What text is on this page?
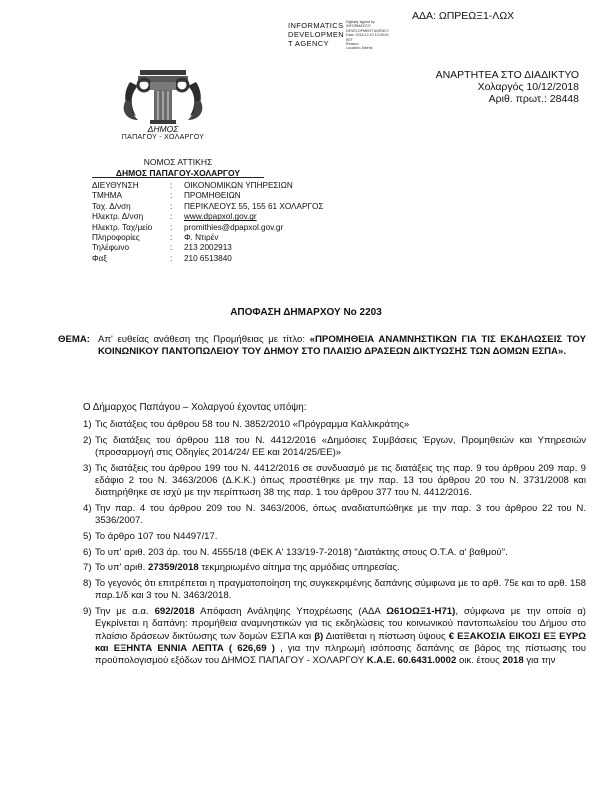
ΑΔΑ: ΩΠΡΕΩΞ1-ΛΩΧ
INFORMATICS
DEVELOPMEN
T AGENCY
Digitally signed by
INFORMATICS
DEVELOPMENT AGENCY
Date: 2018.12.10 13:28:04
EET
Reason:
Location: Athens
ΔΗΜΟΣ
ΠΑΠΑΓΟΥ - ΧΟΛΑΡΓΟΥ
ΑΝΑΡΤΗΤΕΑ ΣΤΟ ΔΙΑΔΙΚΤΥΟ
Χολαργός 10/12/2018
Αριθ. πρωτ.: 28448
ΝΟΜΟΣ ΑΤΤΙΚΗΣ
ΔΗΜΟΣ ΠΑΠΑΓΟΥ-ΧΟΛΑΡΓΟΥ
ΔΙΕΥΘΥΝΣΗ	:	ΟΙΚΟΝΟΜΙΚΩΝ ΥΠΗΡΕΣΙΩΝ
ΤΜΗΜΑ	:	ΠΡΟΜΗΘΕΙΩΝ
Ταχ. Δ/νση	:	ΠΕΡΙΚΛΕΟΥΣ 55, 155 61 ΧΟΛΑΡΓΟΣ
Ηλεκτρ. Δ/νση	:	www.dpapxol.gov.gr
Ηλεκτρ. Ταχ/μείο	:	promithies@dpapxol.gov.gr
Πληροφορίες	:	Φ. Ντιρέν
Τηλέφωνο	:	213 2002913
Φαξ	:	210 6513840
ΑΠΟΦΑΣΗ ΔΗΜΑΡΧΟΥ Νο 2203
ΘΕΜΑ: Απ' ευθείας ανάθεση της Προμήθειας με τίτλο: «ΠΡΟΜΗΘΕΙΑ ΑΝΑΜΝΗΣΤΙΚΩΝ ΓΙΑ ΤΙΣ ΕΚΔΗΛΩΣΕΙΣ ΤΟΥ ΚΟΙΝΩΝΙΚΟΥ ΠΑΝΤΟΠΩΛΕΙΟΥ ΤΟΥ ΔΗΜΟΥ ΣΤΟ ΠΛΑΙΣΙΟ ΔΡΑΣΕΩΝ ΔΙΚΤΥΩΣΗΣ ΤΩΝ ΔΟΜΩΝ ΕΣΠΑ».
Ο Δήμαρχος Παπάγου – Χολαργού έχοντας υπόψη:
1) Τις διατάξεις του άρθρου 58 του Ν. 3852/2010 «Πρόγραμμα Καλλικράτης»
2) Τις διατάξεις του άρθρου 118 του Ν. 4412/2016 «Δημόσιες Συμβάσεις Έργων, Προμηθειών και Υπηρεσιών (προσαρμογή στις Οδηγίες 2014/24/ ΕΕ και 2014/25/ΕΕ)»
3) Τις διατάξεις του άρθρου 199 του Ν. 4412/2016 σε συνδυασμό με τις διατάξεις της παρ. 9 του άρθρου 209 παρ. 9 εδάφιο 2 του Ν. 3463/2006 (Δ.Κ.Κ.) όπως προστέθηκε με την παρ. 13 του άρθρου 20 του Ν. 3731/2008 και διατηρήθηκε σε ισχύ με την περίπτωση 38 της παρ. 1 του άρθρου 377 του Ν. 4412/2016.
4) Την παρ. 4 του άρθρου 209 του Ν. 3463/2006, όπως αναδιατυπώθηκε με την παρ. 3 του άρθρου 22 του Ν. 3536/2007.
5) Το άρθρο 107 του Ν4497/17.
6) Το υπ' αριθ. 203 άρ. του Ν. 4555/18 (ΦΕΚ Α' 133/19-7-2018) "Διατάκτης στους Ο.Τ.Α. α' βαθμού".
7) Το υπ' αριθ. 27359/2018 τεκμηριωμένο αίτημα της αρμόδιας υπηρεσίας.
8) Το γεγονός ότι επιτρέπεται η πραγματοποίηση της συγκεκριμένης δαπάνης σύμφωνα με το αρθ. 75ε και το αρθ. 158 παρ.1/δ και 3 του Ν. 3463/2018.
9) Την με α.α. 692/2018 Απόφαση Ανάληψης Υποχρέωσης (ΑΔΑ Ω61ΟΩΞ1-Η71), σύμφωνα με την οποία α) Εγκρίνεται η δαπάνη: προμήθεια αναμνηστικών για τις εκδηλώσεις του κοινωνικού παντοπωλείου του Δήμου στο πλαίσιο δράσεων δικτύωσης των δομών ΕΣΠΑ και β) Διατίθεται η πίστωση ύψους € ΕΞΑΚΟΣΙΑ ΕΙΚΟΣΙ ΕΞ ΕΥΡΩ και ΕΞΗΝΤΑ ΕΝΝΙΑ ΛΕΠΤΑ ( 626,69 ) , για την πληρωμή ισόποσης δαπάνης σε βάρος της πίστωσης του προϋπολογισμού εξόδων του ΔΗΜΟΣ ΠΑΠΑΓΟΥ - ΧΟΛΑΡΓΟΥ Κ.Α.Ε. 60.6431.0002 οικ. έτους 2018 για την
